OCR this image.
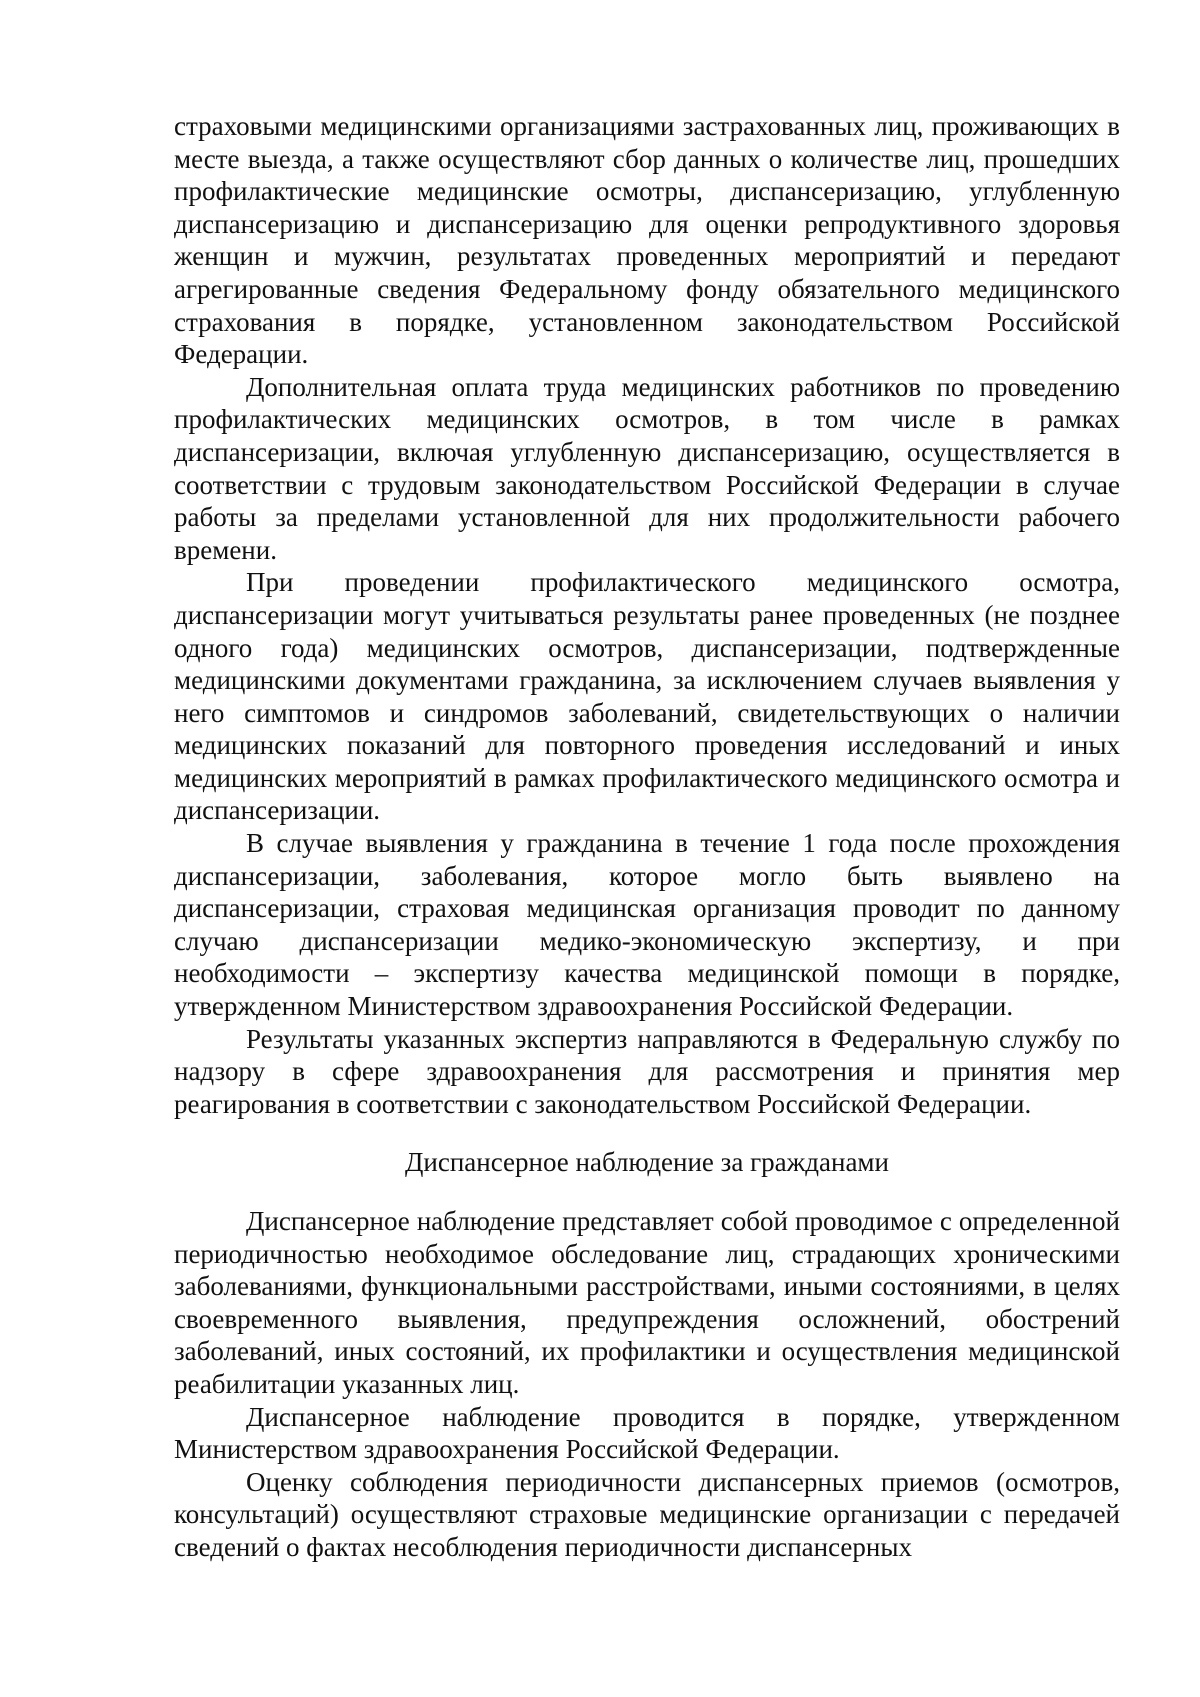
страховыми медицинскими организациями застрахованных лиц, проживающих в месте выезда, а также осуществляют сбор данных о количестве лиц, прошедших профилактические медицинские осмотры, диспансеризацию, углубленную диспансеризацию и диспансеризацию для оценки репродуктивного здоровья женщин и мужчин, результатах проведенных мероприятий и передают агрегированные сведения Федеральному фонду обязательного медицинского страхования в порядке, установленном законодательством Российской Федерации.

Дополнительная оплата труда медицинских работников по проведению профилактических медицинских осмотров, в том числе в рамках диспансеризации, включая углубленную диспансеризацию, осуществляется в соответствии с трудовым законодательством Российской Федерации в случае работы за пределами установленной для них продолжительности рабочего времени.

При проведении профилактического медицинского осмотра, диспансеризации могут учитываться результаты ранее проведенных (не позднее одного года) медицинских осмотров, диспансеризации, подтвержденные медицинскими документами гражданина, за исключением случаев выявления у него симптомов и синдромов заболеваний, свидетельствующих о наличии медицинских показаний для повторного проведения исследований и иных медицинских мероприятий в рамках профилактического медицинского осмотра и диспансеризации.

В случае выявления у гражданина в течение 1 года после прохождения диспансеризации, заболевания, которое могло быть выявлено на диспансеризации, страховая медицинская организация проводит по данному случаю диспансеризации медико-экономическую экспертизу, и при необходимости – экспертизу качества медицинской помощи в порядке, утвержденном Министерством здравоохранения Российской Федерации.

Результаты указанных экспертиз направляются в Федеральную службу по надзору в сфере здравоохранения для рассмотрения и принятия мер реагирования в соответствии с законодательством Российской Федерации.

Диспансерное наблюдение за гражданами

Диспансерное наблюдение представляет собой проводимое с определенной периодичностью необходимое обследование лиц, страдающих хроническими заболеваниями, функциональными расстройствами, иными состояниями, в целях своевременного выявления, предупреждения осложнений, обострений заболеваний, иных состояний, их профилактики и осуществления медицинской реабилитации указанных лиц.

Диспансерное наблюдение проводится в порядке, утвержденном Министерством здравоохранения Российской Федерации.

Оценку соблюдения периодичности диспансерных приемов (осмотров, консультаций) осуществляют страховые медицинские организации с передачей сведений о фактах несоблюдения периодичности диспансерных
